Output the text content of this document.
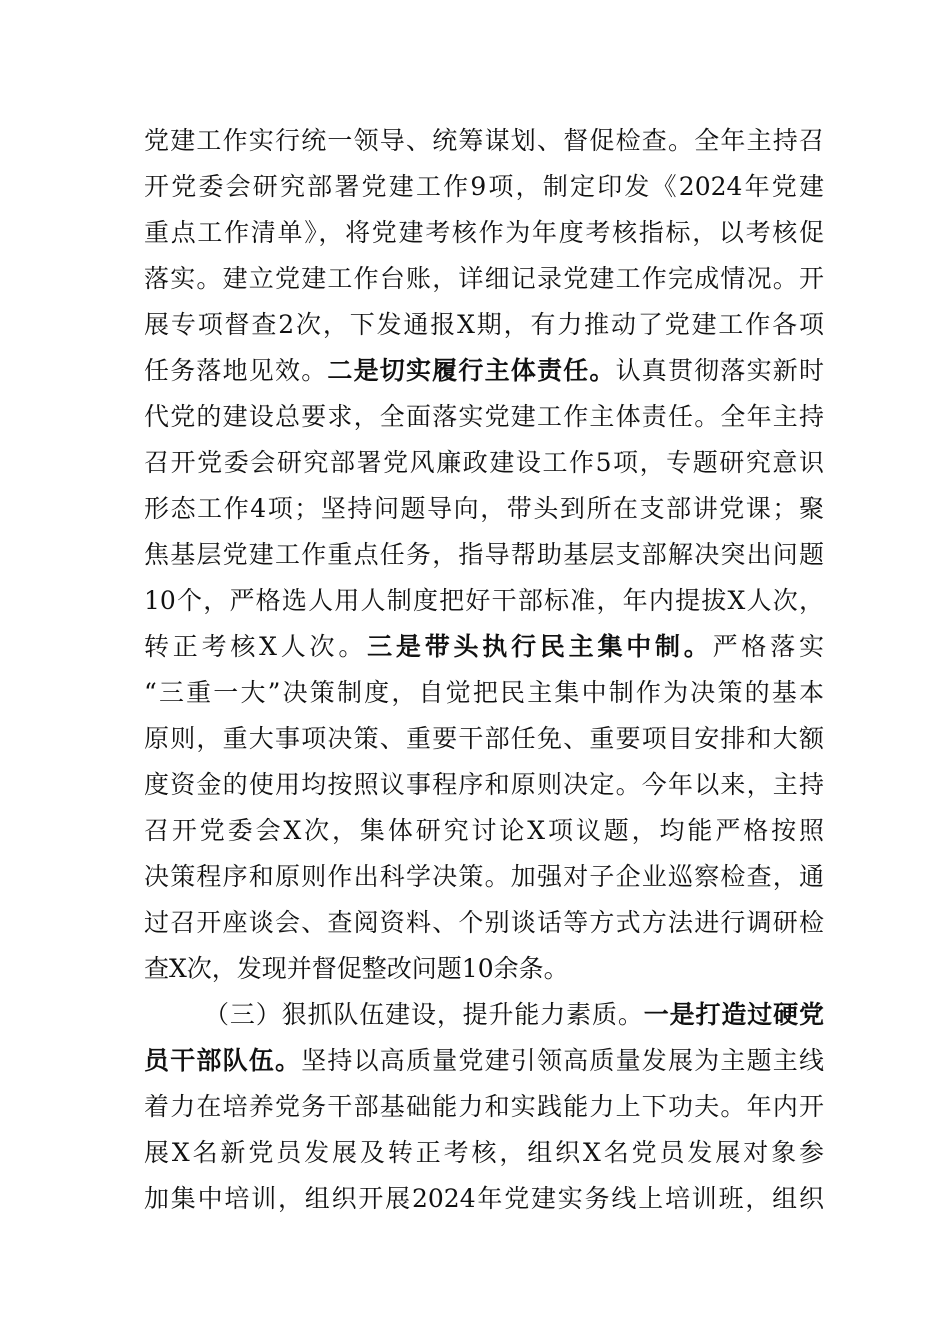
党建工作实行统一领导、统筹谋划、督促检查。全年主持召
开党委会研究部署党建工作9项，制定印发《2024年党建
重点工作清单》，将党建考核作为年度考核指标，以考核促
落实。建立党建工作台账，详细记录党建工作完成情况。开
展专项督查2次，下发通报X期，有力推动了党建工作各项
任务落地见效。二是切实履行主体责任。认真贯彻落实新时
代党的建设总要求，全面落实党建工作主体责任。全年主持
召开党委会研究部署党风廉政建设工作5项，专题研究意识
形态工作4项；坚持问题导向，带头到所在支部讲党课；聚
焦基层党建工作重点任务，指导帮助基层支部解决突出问题
10个，严格选人用人制度把好干部标准，年内提拔X人次，
转正考核X人次。三是带头执行民主集中制。严格落实
“三重一大”决策制度，自觉把民主集中制作为决策的基本
原则，重大事项决策、重要干部任免、重要项目安排和大额
度资金的使用均按照议事程序和原则决定。今年以来，主持
召开党委会X次，集体研究讨论X项议题，均能严格按照
决策程序和原则作出科学决策。加强对子企业巡察检查，通
过召开座谈会、查阅资料、个别谈话等方式方法进行调研检
查X次，发现并督促整改问题10余条。
（三）狠抓队伍建设，提升能力素质。一是打造过硬党
员干部队伍。坚持以高质量党建引领高质量发展为主题主线
着力在培养党务干部基础能力和实践能力上下功夫。年内开
展X名新党员发展及转正考核，组织X名党员发展对象参
加集中培训，组织开展2024年党建实务线上培训班，组织
